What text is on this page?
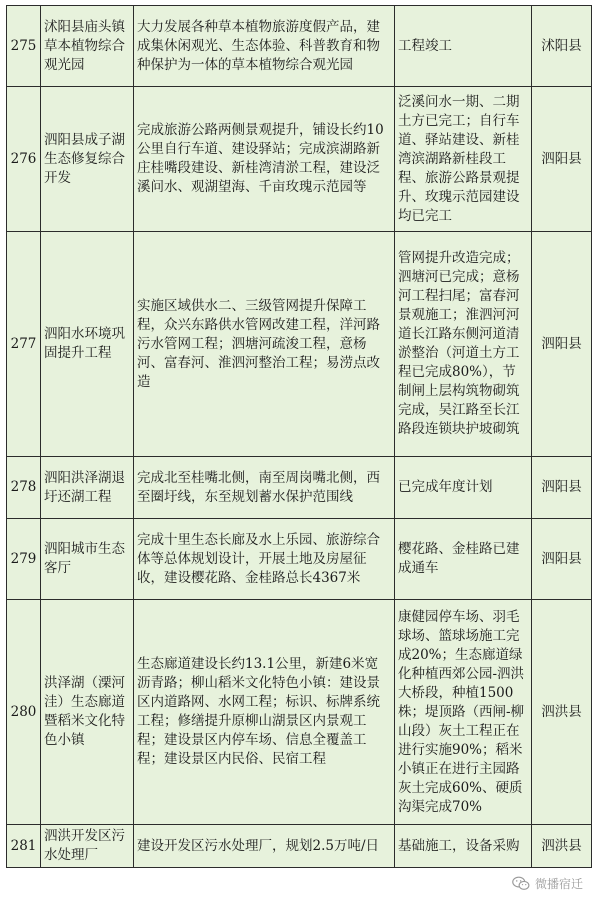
275	沭阳县庙头镇草本植物综合观光园	大力发展各种草本植物旅游度假产品，建成集休闲观光、生态体验、科普教育和物种保护为一体的草本植物综合观光园	工程竣工	沭阳县
276	泗阳县成子湖生态修复综合开发	完成旅游公路两侧景观提升，铺设长约10公里自行车道、建设驿站；完成滨湖路新庄桂嘴段建设、新桂湾清淤工程，建设泛溪问水、观湖望海、千亩玫瑰示范园等	泛溪问水一期、二期土方已完工；自行车道、驿站建设、新桂湾滨湖路新桂段工程、旅游公路景观提升、玫瑰示范园建设均已完工	泗阳县
277	泗阳水环境巩固提升工程	实施区域供水二、三级管网提升保障工程，众兴东路供水管网改建工程，洋河路污水管网工程；泗塘河疏浚工程，意杨河、富春河、淮泗河整治工程；易涝点改造	管网提升改造完成；泗塘河已完成；意杨河工程扫尾；富春河景观施工；淮泗河河道长江路东侧河道清淤整治（河道土方工程已完成80%），节制闸上层构筑物砌筑完成，吴江路至长江路段连锁块护坡砌筑	泗阳县
278	泗阳洪泽湖退圩还湖工程	完成北至桂嘴北侧，南至周岗嘴北侧，西至圈圩线，东至规划蓄水保护范围线	已完成年度计划	泗阳县
279	泗阳城市生态客厅	完成十里生态长廊及水上乐园、旅游综合体等总体规划设计，开展土地及房屋征收，建设樱花路、金桂路总长4367米	樱花路、金桂路已建成通车	泗阳县
280	洪泽湖（溧河洼）生态廊道暨稻米文化特色小镇	生态廊道建设长约13.1公里，新建6米宽沥青路；柳山稻米文化特色小镇：建设景区内道路网、水网工程；标识、标牌系统工程；修缮提升原柳山湖景区内景观工程；建设景区内停车场、信息全覆盖工程；建设景区内民俗、民宿工程	康健园停车场、羽毛球场、篮球场施工完成20%；生态廊道绿化种植西郊公园-泗洪大桥段，种植1500株；堤顶路（西闸-柳山段）灰土工程正在进行实施90%；稻米小镇正在进行主园路灰土完成60%、硬质沟渠完成70%	泗洪县
281	泗洪开发区污水处理厂	建设开发区污水处理厂，规划2.5万吨/日	基础施工，设备采购	泗洪县
微播宿迁
